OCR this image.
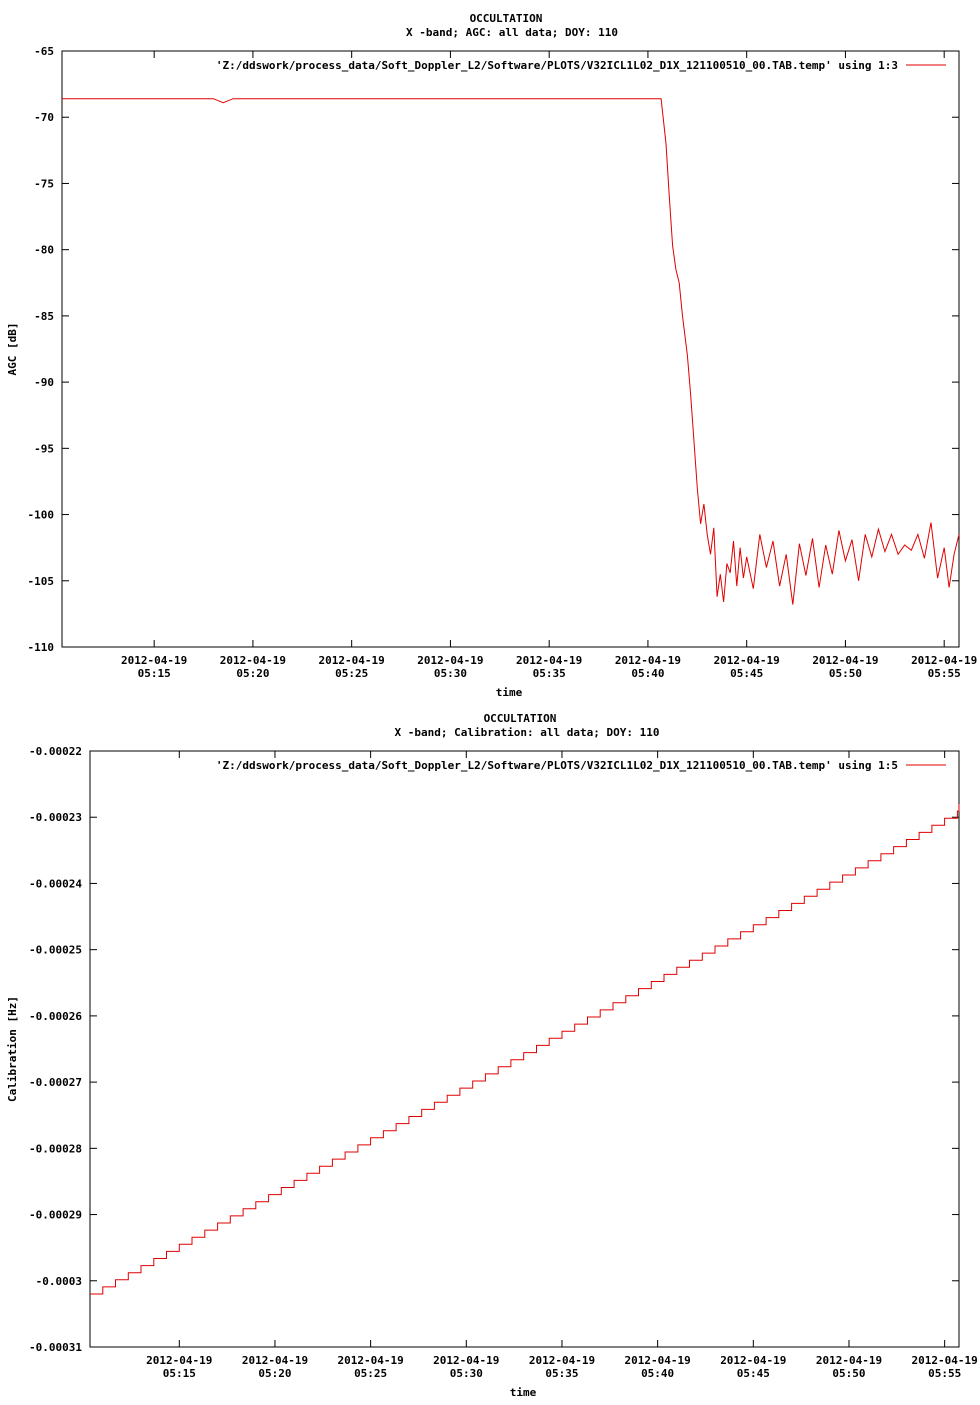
OCCULTATION
X -band; AGC: all data; DOY: 110
-65
-70
-75
-80
-85
-90
-95
-100
-105
-110
2012-04-19
05:15
2012-04-19
05:20
2012-04-19
05:25
2012-04-19
05:30
2012-04-19
05:35
2012-04-19
05:40
2012-04-19
05:45
2012-04-19
05:50
2012-04-19
05:55
time
AGC [dB]
'Z:/ddswork/process_data/Soft_Doppler_L2/Software/PLOTS/V32ICL1L02_D1X_121100510_00.TAB.temp' using 1:3
OCCULTATION
X -band; Calibration: all data; DOY: 110
-0.00022
-0.00023
-0.00024
-0.00025
-0.00026
-0.00027
-0.00028
-0.00029
-0.0003
-0.00031
2012-04-19
05:15
2012-04-19
05:20
2012-04-19
05:25
2012-04-19
05:30
2012-04-19
05:35
2012-04-19
05:40
2012-04-19
05:45
2012-04-19
05:50
2012-04-19
05:55
time
Calibration [Hz]
'Z:/ddswork/process_data/Soft_Doppler_L2/Software/PLOTS/V32ICL1L02_D1X_121100510_00.TAB.temp' using 1:5
